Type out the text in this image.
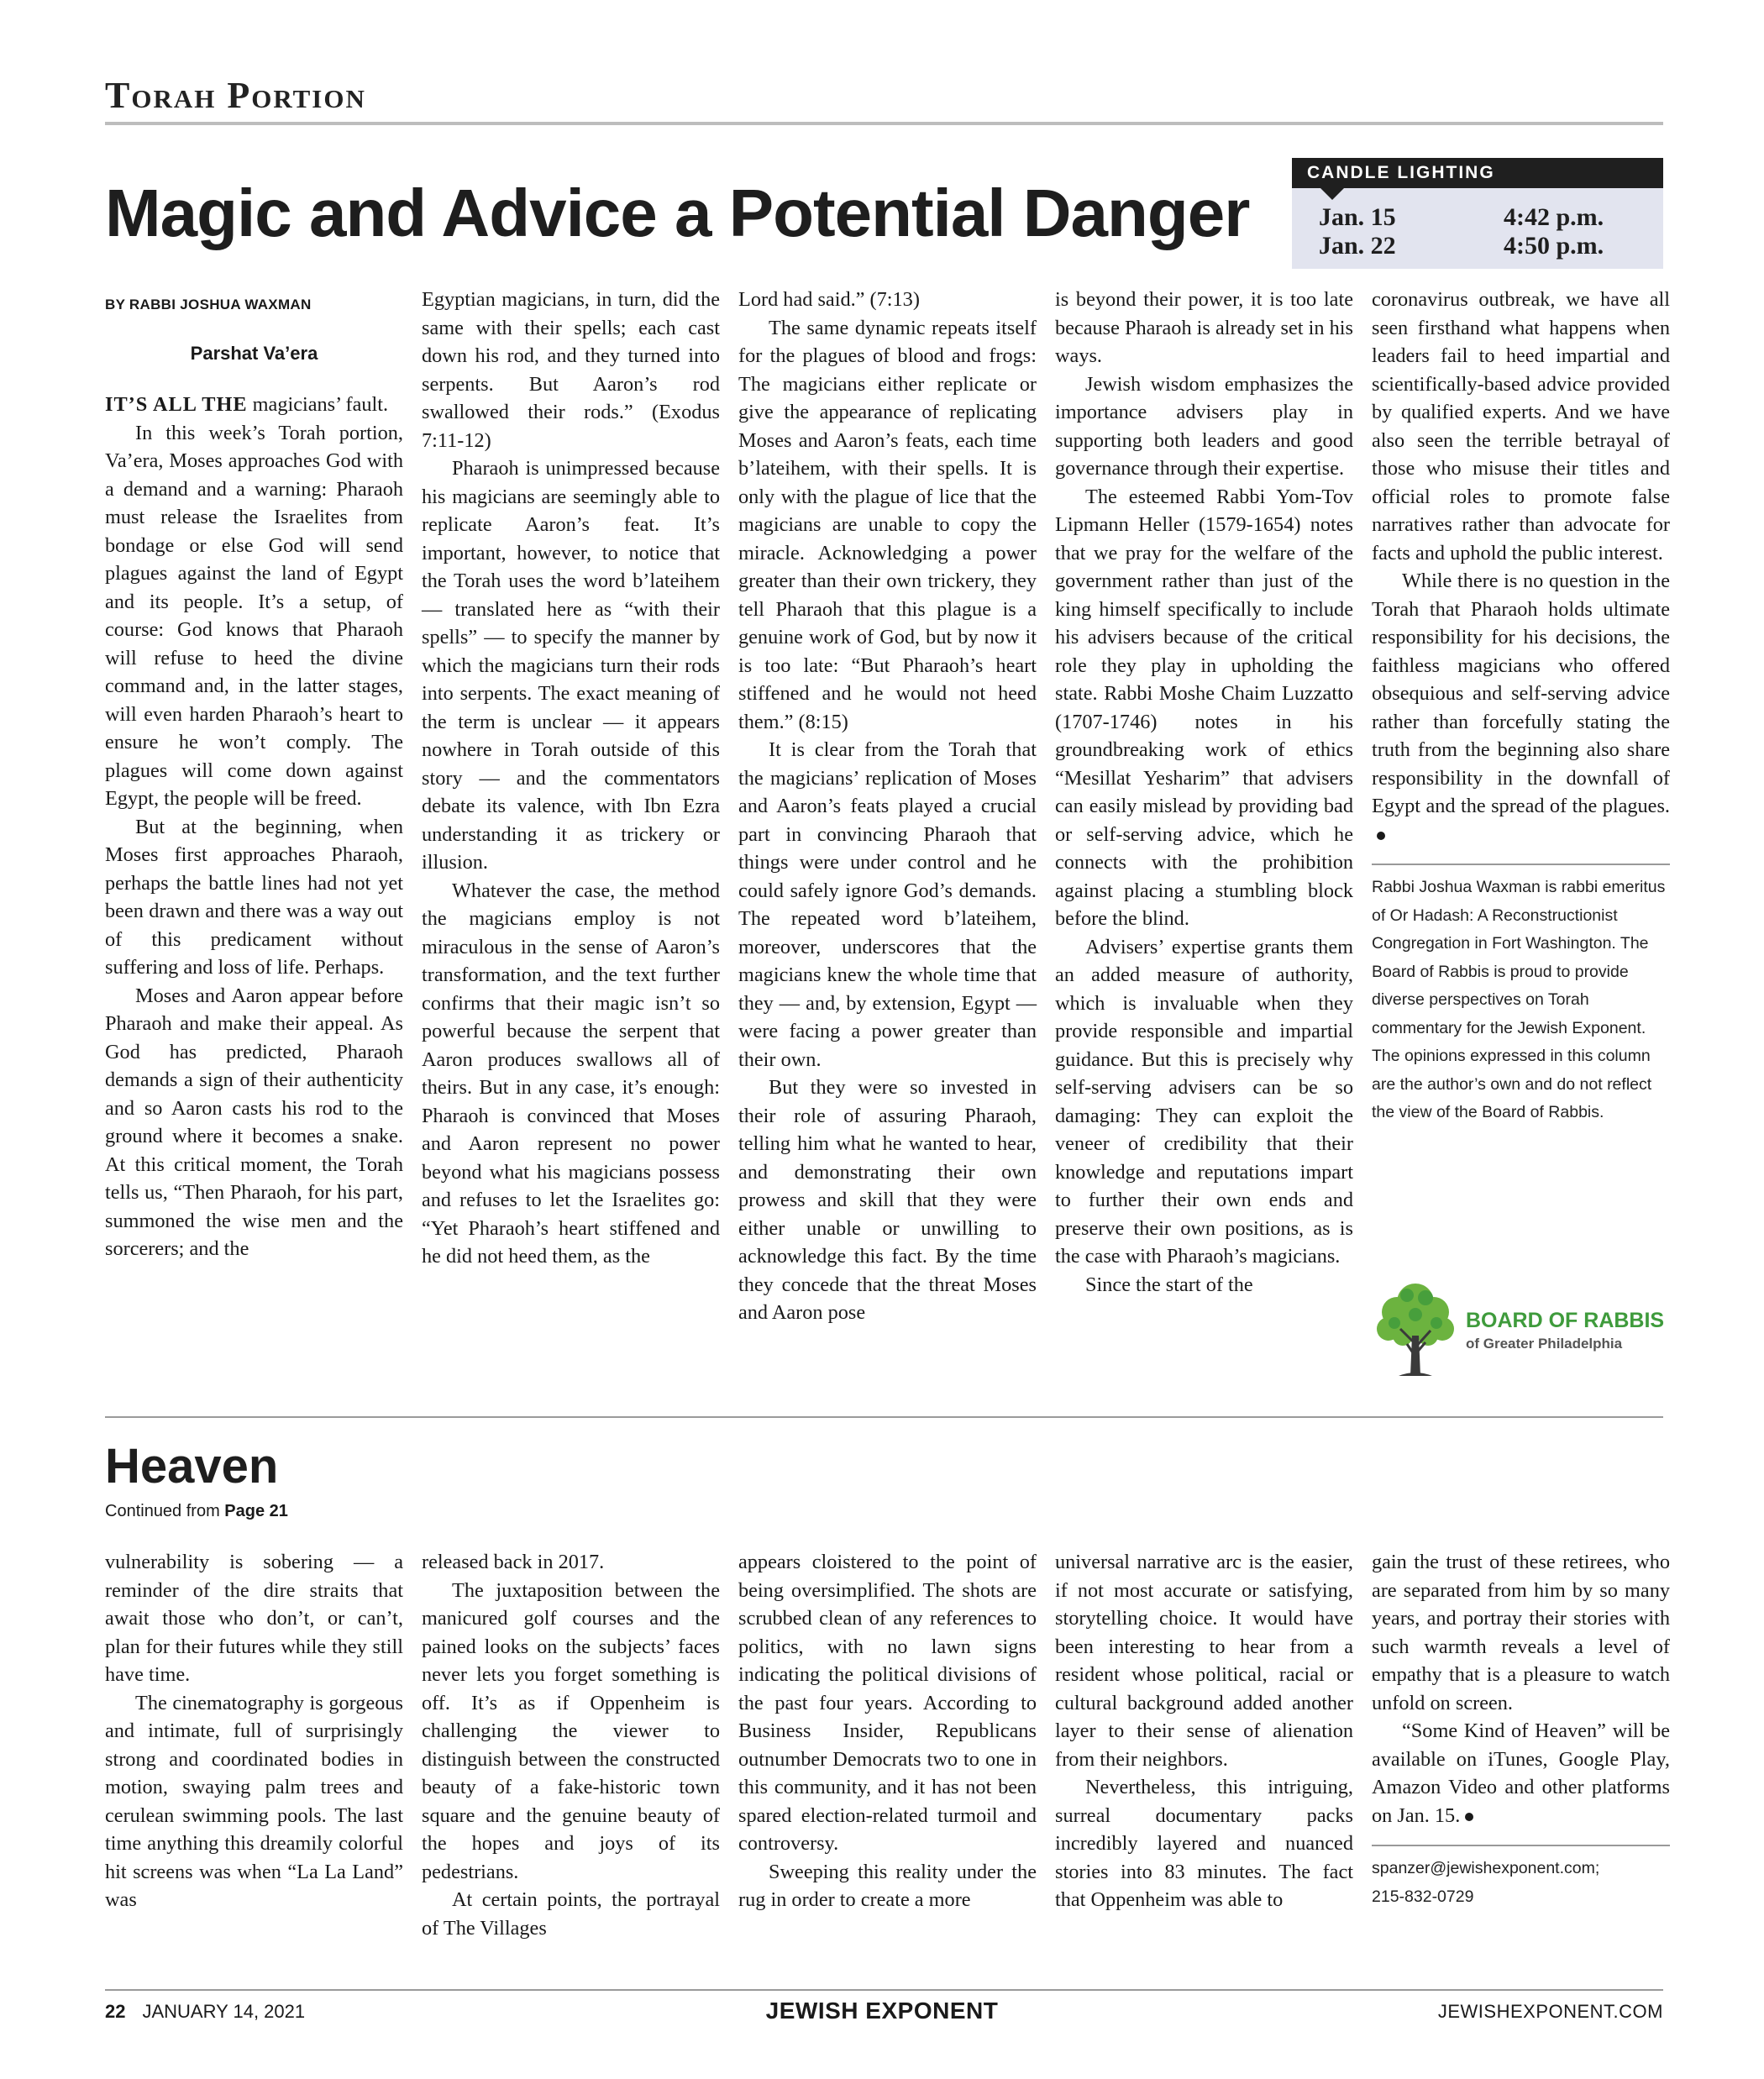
Torah Portion
Magic and Advice a Potential Danger
CANDLE LIGHTING
Jan. 15	4:42 p.m.
Jan. 22	4:50 p.m.
BY RABBI JOSHUA WAXMAN
Parshat Va’era

IT’S ALL THE magicians’ fault.

In this week’s Torah portion, Va’era, Moses approaches God with a demand and a warning: Pharaoh must release the Israelites from bondage or else God will send plagues against the land of Egypt and its people. It’s a setup, of course: God knows that Pharaoh will refuse to heed the divine command and, in the latter stages, will even harden Pharaoh’s heart to ensure he won’t comply. The plagues will come down against Egypt, the people will be freed.

But at the beginning, when Moses first approaches Pharaoh, perhaps the battle lines had not yet been drawn and there was a way out of this predicament without suffering and loss of life. Perhaps.

Moses and Aaron appear before Pharaoh and make their appeal. As God has predicted, Pharaoh demands a sign of their authenticity and so Aaron casts his rod to the ground where it becomes a snake. At this critical moment, the Torah tells us, “Then Pharaoh, for his part, summoned the wise men and the sorcerers; and the

Egyptian magicians, in turn, did the same with their spells; each cast down his rod, and they turned into serpents. But Aaron’s rod swallowed their rods.” (Exodus 7:11-12)

Pharaoh is unimpressed because his magicians are seemingly able to replicate Aaron’s feat. It’s important, however, to notice that the Torah uses the word b’lateihem — translated here as “with their spells” — to specify the manner by which the magicians turn their rods into serpents. The exact meaning of the term is unclear — it appears nowhere in Torah outside of this story — and the commentators debate its valence, with Ibn Ezra understanding it as trickery or illusion.

Whatever the case, the method the magicians employ is not miraculous in the sense of Aaron’s transformation, and the text further confirms that their magic isn’t so powerful because the serpent that Aaron produces swallows all of theirs. But in any case, it’s enough: Pharaoh is convinced that Moses and Aaron represent no power beyond what his magicians possess and refuses to let the Israelites go: “Yet Pharaoh’s heart stiffened and he did not heed them, as the

Lord had said.” (7:13)

The same dynamic repeats itself for the plagues of blood and frogs: The magicians either replicate or give the appearance of replicating Moses and Aaron’s feats, each time b’lateihem, with their spells. It is only with the plague of lice that the magicians are unable to copy the miracle. Acknowledging a power greater than their own trickery, they tell Pharaoh that this plague is a genuine work of God, but by now it is too late: “But Pharaoh’s heart stiffened and he would not heed them.” (8:15)

It is clear from the Torah that the magicians’ replication of Moses and Aaron’s feats played a crucial part in convincing Pharaoh that things were under control and he could safely ignore God’s demands. The repeated word b’lateihem, moreover, underscores that the magicians knew the whole time that they — and, by extension, Egypt — were facing a power greater than their own.

But they were so invested in their role of assuring Pharaoh, telling him what he wanted to hear, and demonstrating their own prowess and skill that they were either unable or unwilling to acknowledge this fact. By the time they concede that the threat Moses and Aaron pose

is beyond their power, it is too late because Pharaoh is already set in his ways.

Jewish wisdom emphasizes the importance advisers play in supporting both leaders and good governance through their expertise.

The esteemed Rabbi Yom-Tov Lipmann Heller (1579-1654) notes that we pray for the welfare of the government rather than just of the king himself specifically to include his advisers because of the critical role they play in upholding the state. Rabbi Moshe Chaim Luzzatto (1707-1746) notes in his groundbreaking work of ethics “Mesillat Yesharim” that advisers can easily mislead by providing bad or self-serving advice, which he connects with the prohibition against placing a stumbling block before the blind.

Advisers’ expertise grants them an added measure of authority, which is invaluable when they provide responsible and impartial guidance. But this is precisely why self-serving advisers can be so damaging: They can exploit the veneer of credibility that their knowledge and reputations impart to further their own ends and preserve their own positions, as is the case with Pharaoh’s magicians.

Since the start of the

coronavirus outbreak, we have all seen firsthand what happens when leaders fail to heed impartial and scientifically-based advice provided by qualified experts. And we have also seen the terrible betrayal of those who misuse their titles and official roles to promote false narratives rather than advocate for facts and uphold the public interest.

While there is no question in the Torah that Pharaoh holds ultimate responsibility for his decisions, the faithless magicians who offered obsequious and self-serving advice rather than forcefully stating the truth from the beginning also share responsibility in the downfall of Egypt and the spread of the plagues.

Rabbi Joshua Waxman is rabbi emeritus of Or Hadash: A Reconstructionist Congregation in Fort Washington. The Board of Rabbis is proud to provide diverse perspectives on Torah commentary for the Jewish Exponent. The opinions expressed in this column are the author’s own and do not reflect the view of the Board of Rabbis.
BOARD OF RABBIS
of Greater Philadelphia
Heaven
Continued from Page 21

vulnerability is sobering — a reminder of the dire straits that await those who don’t, or can’t, plan for their futures while they still have time.

The cinematography is gorgeous and intimate, full of surprisingly strong and coordinated bodies in motion, swaying palm trees and cerulean swimming pools. The last time anything this dreamily colorful hit screens was when “La La Land” was

released back in 2017.

The juxtaposition between the manicured golf courses and the pained looks on the subjects’ faces never lets you forget something is off. It’s as if Oppenheim is challenging the viewer to distinguish between the constructed beauty of a fake-historic town square and the genuine beauty of the hopes and joys of its pedestrians.

At certain points, the portrayal of The Villages

appears cloistered to the point of being oversimplified. The shots are scrubbed clean of any references to politics, with no lawn signs indicating the political divisions of the past four years. According to Business Insider, Republicans outnumber Democrats two to one in this community, and it has not been spared election-related turmoil and controversy.

Sweeping this reality under the rug in order to create a more

universal narrative arc is the easier, if not most accurate or satisfying, storytelling choice. It would have been interesting to hear from a resident whose political, racial or cultural background added another layer to their sense of alienation from their neighbors.

Nevertheless, this intriguing, surreal documentary packs incredibly layered and nuanced stories into 83 minutes. The fact that Oppenheim was able to

gain the trust of these retirees, who are separated from him by so many years, and portray their stories with such warmth reveals a level of empathy that is a pleasure to watch unfold on screen.

“Some Kind of Heaven” will be available on iTunes, Google Play, Amazon Video and other platforms on Jan. 15.

spanzer@jewishexponent.com;
215-832-0729
22 JANUARY 14, 2021	JEWISH EXPONENT	JEWISHEXPONENT.COM
